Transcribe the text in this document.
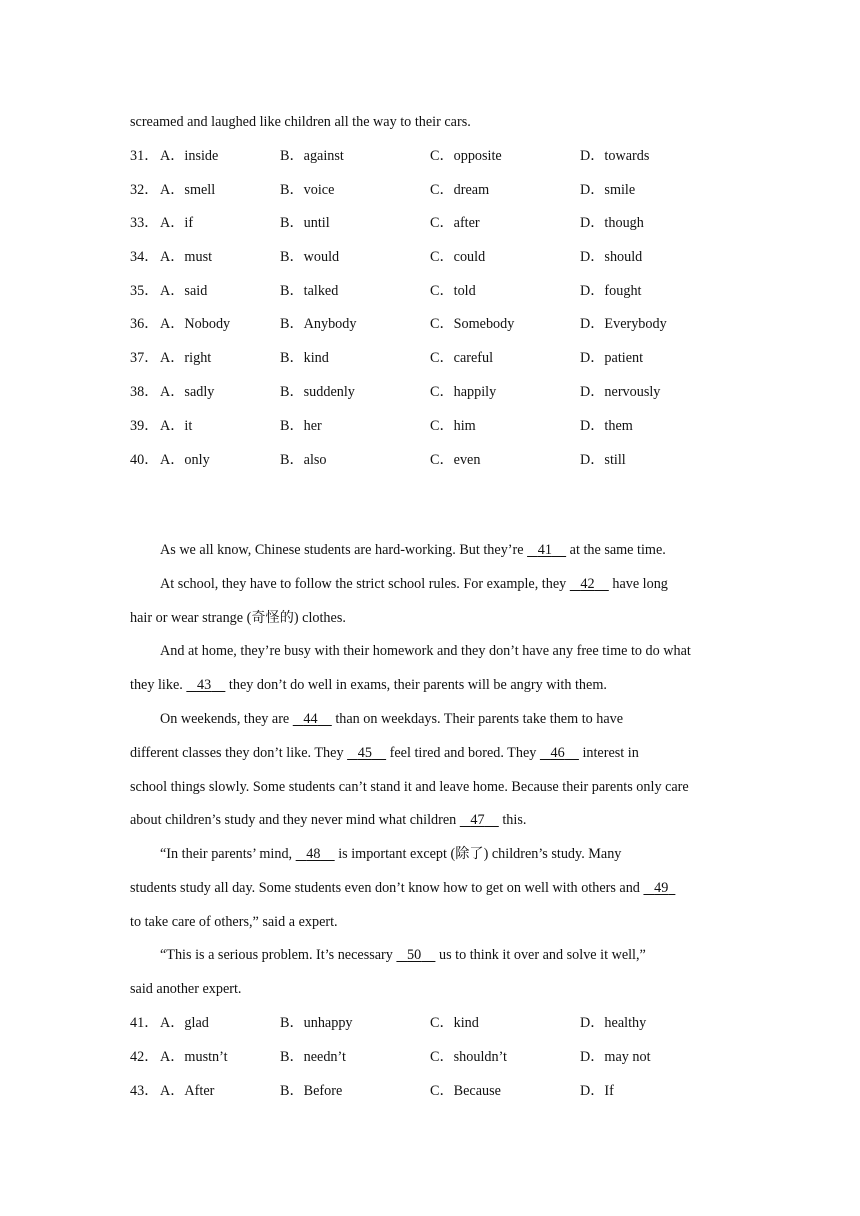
screamed and laughed like children all the way to their cars.
31． A．inside	B．against	C．opposite	D．towards
32． A．smell	B．voice	C．dream	D．smile
33． A．if	B．until	C．after	D．though
34． A．must	B．would	C．could	D．should
35． A．said	B．talked	C．told	D．fought
36． A．Nobody	B．Anybody	C．Somebody	D．Everybody
37． A．right	B．kind	C．careful	D．patient
38． A．sadly	B．suddenly	C．happily	D．nervously
39． A．it	B．her	C．him	D．them
40． A．only	B．also	C．even	D．still
As we all know, Chinese students are hard-working. But they’re    41     at the same time.
At school, they have to follow the strict school rules. For example, they    42     have long
hair or wear strange (奇怪的) clothes.
And at home, they’re busy with their homework and they don’t have any free time to do what
they like.    43     they don’t do well in exams, their parents will be angry with them.
On weekends, they are    44     than on weekdays. Their parents take them to have
different classes they don’t like. They    45     feel tired and bored. They    46     interest in
school things slowly. Some students can’t stand it and leave home. Because their parents only care
about children’s study and they never mind what children    47     this.
“In their parents’ mind,    48     is important except (除了) children’s study. Many
students study all day. Some students even don’t know how to get on well with others and    49
to take care of others,” said a expert.
“This is a serious problem. It’s necessary    50     us to think it over and solve it well,”
said another expert.
41． A．glad	B．unhappy	C．kind	D．healthy
42． A．mustn’t	B．needn’t	C．shouldn’t	D．may not
43． A．After	B．Before	C．Because	D．If
